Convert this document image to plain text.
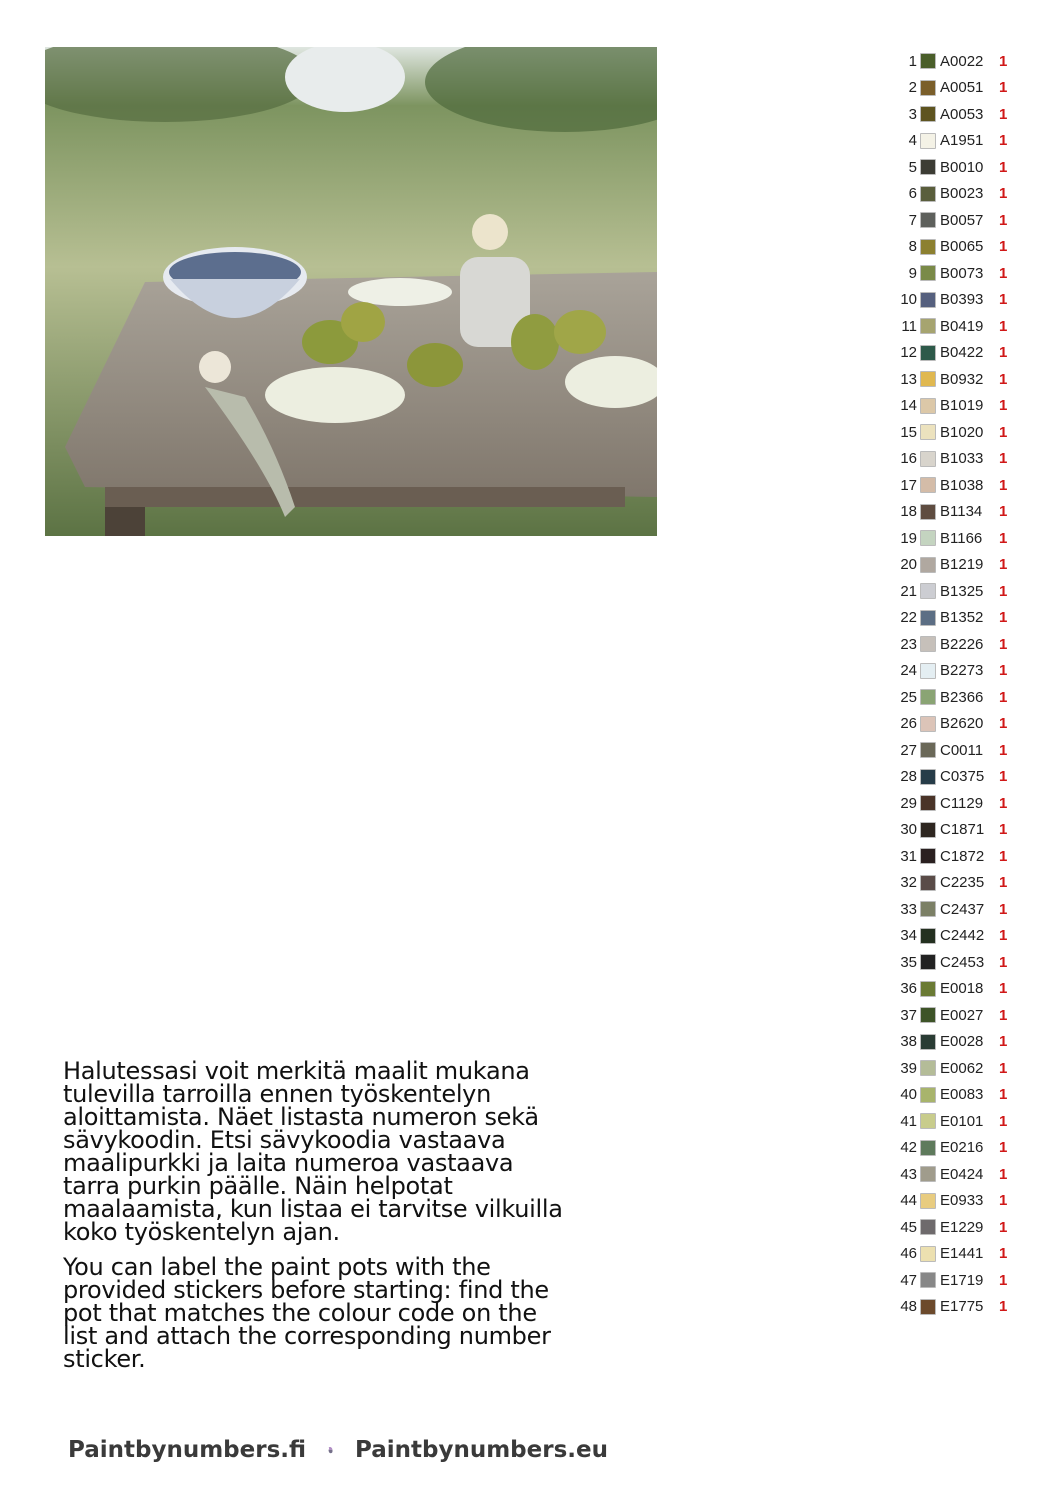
1 A0022	1
2 A0051	1
3 A0053	1
4 A1951	1
5 B0010	1
6 B0023	1
7 B0057	1
8 B0065	1
9 B0073	1
10 B0393	1
11 B0419	1
12 B0422	1
13 B0932	1
14 B1019	1
15 B1020	1
16 B1033	1
17 B1038	1
18 B1134	1
19 B1166	1
20 B1219	1
21 B1325	1
22 B1352	1
23 B2226	1
24 B2273	1
25 B2366	1
26 B2620	1
27 C0011	1
28 C0375 1
29 C1129	1
30 C1871 1
31 C1872 1
32 C2235 1
33 C2437 1
34 C2442 1
35 C2453 1
36 E0018	1
37 E0027	1
38 E0028	1
39 E0062	1
40 E0083	1
41 E0101	1
42 E0216	1
43 E0424	1
44 E0933	1
45 E1229	1
46 E1441	1
47 E1719	1
48 E1775	1
Halutessasi voit merkitä maalit mukana
tulevilla tarroilla ennen työskentelyn
aloittamista. Näet listasta numeron sekä
sävykoodin. Etsi sävykoodia vastaava
maalipurkki ja laita numeroa vastaava
tarra purkin päälle. Näin helpotat
maalaamista, kun listaa ei tarvitse vilkuilla
koko työskentelyn ajan.
You can label the paint pots with the
provided stickers before starting: find the
pot that matches the colour code on the
list and attach the corresponding number
sticker.
Paintbynumbers.fi Paintbynumbers.eu
